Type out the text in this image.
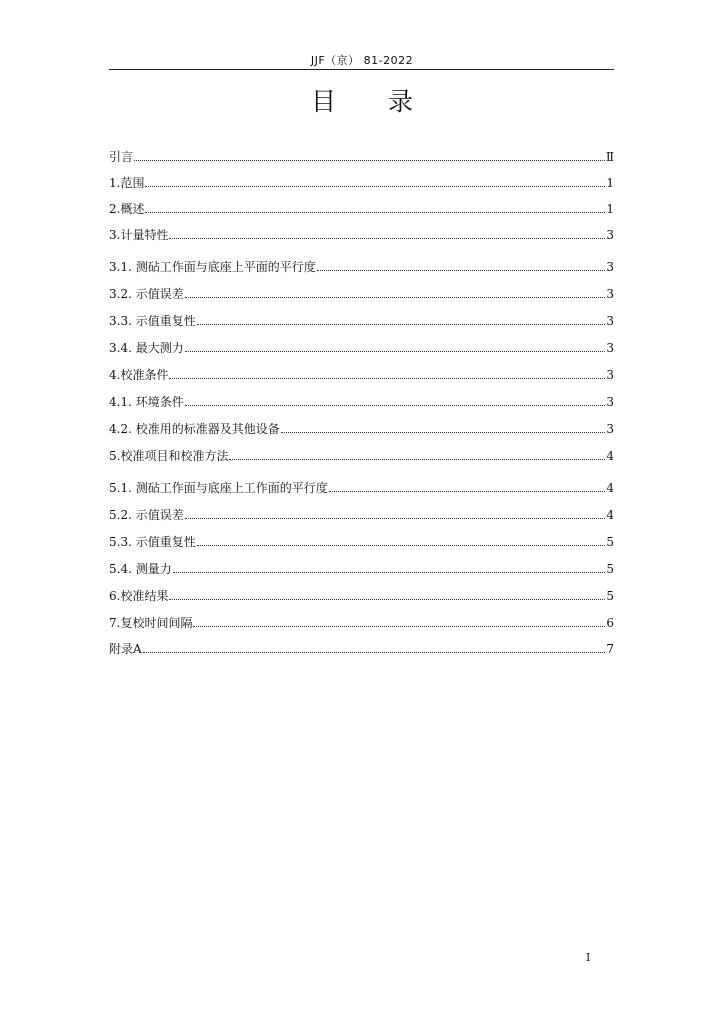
JJF（京） 81-2022
目 录
引言	Ⅱ
1.范围	1
2.概述	1
3.计量特性	3
3.1. 测砧工作面与底座上平面的平行度	3
3.2. 示值误差	3
3.3. 示值重复性	3
3.4. 最大测力	3
4.校准条件	3
4.1. 环境条件	3
4.2. 校准用的标准器及其他设备	3
5.校准项目和校准方法	4
5.1. 测砧工作面与底座上工作面的平行度	4
5.2. 示值误差	4
5.3. 示值重复性	5
5.4. 测量力	5
6.校准结果	5
7.复校时间间隔	6
附录A	7
I
